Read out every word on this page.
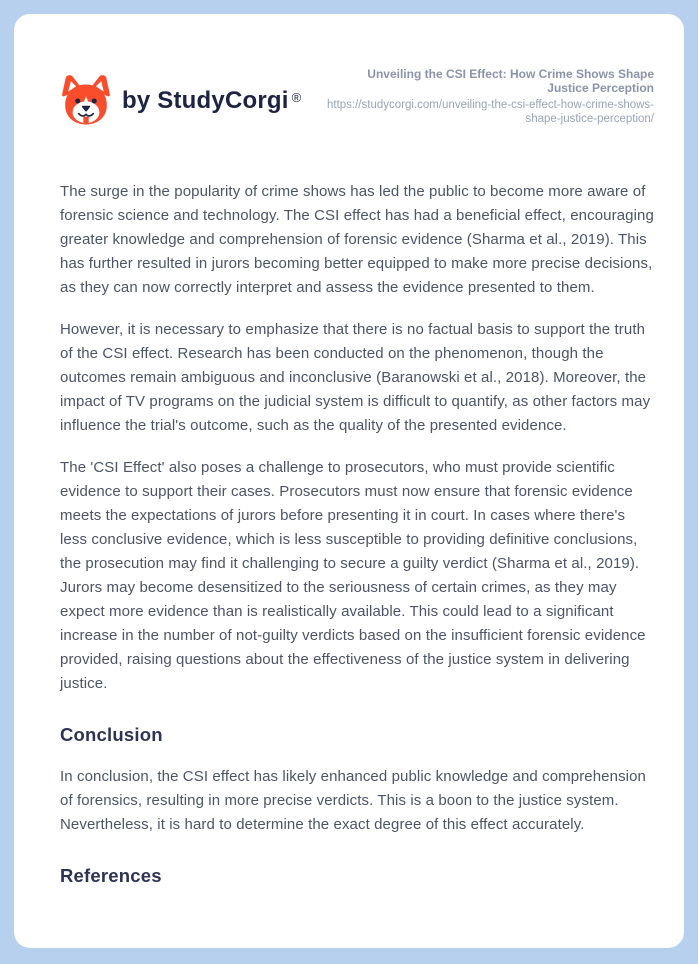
by StudyCorgi ®
Unveiling the CSI Effect: How Crime Shows Shape Justice Perception
https://studycorgi.com/unveiling-the-csi-effect-how-crime-shows-shape-justice-perception/

The surge in the popularity of crime shows has led the public to become more aware of forensic science and technology. The CSI effect has had a beneficial effect, encouraging greater knowledge and comprehension of forensic evidence (Sharma et al., 2019). This has further resulted in jurors becoming better equipped to make more precise decisions, as they can now correctly interpret and assess the evidence presented to them.

However, it is necessary to emphasize that there is no factual basis to support the truth of the CSI effect. Research has been conducted on the phenomenon, though the outcomes remain ambiguous and inconclusive (Baranowski et al., 2018). Moreover, the impact of TV programs on the judicial system is difficult to quantify, as other factors may influence the trial's outcome, such as the quality of the presented evidence.

The 'CSI Effect' also poses a challenge to prosecutors, who must provide scientific evidence to support their cases. Prosecutors must now ensure that forensic evidence meets the expectations of jurors before presenting it in court. In cases where there's less conclusive evidence, which is less susceptible to providing definitive conclusions, the prosecution may find it challenging to secure a guilty verdict (Sharma et al., 2019). Jurors may become desensitized to the seriousness of certain crimes, as they may expect more evidence than is realistically available. This could lead to a significant increase in the number of not-guilty verdicts based on the insufficient forensic evidence provided, raising questions about the effectiveness of the justice system in delivering justice.

Conclusion

In conclusion, the CSI effect has likely enhanced public knowledge and comprehension of forensics, resulting in more precise verdicts. This is a boon to the justice system. Nevertheless, it is hard to determine the exact degree of this effect accurately.

References
